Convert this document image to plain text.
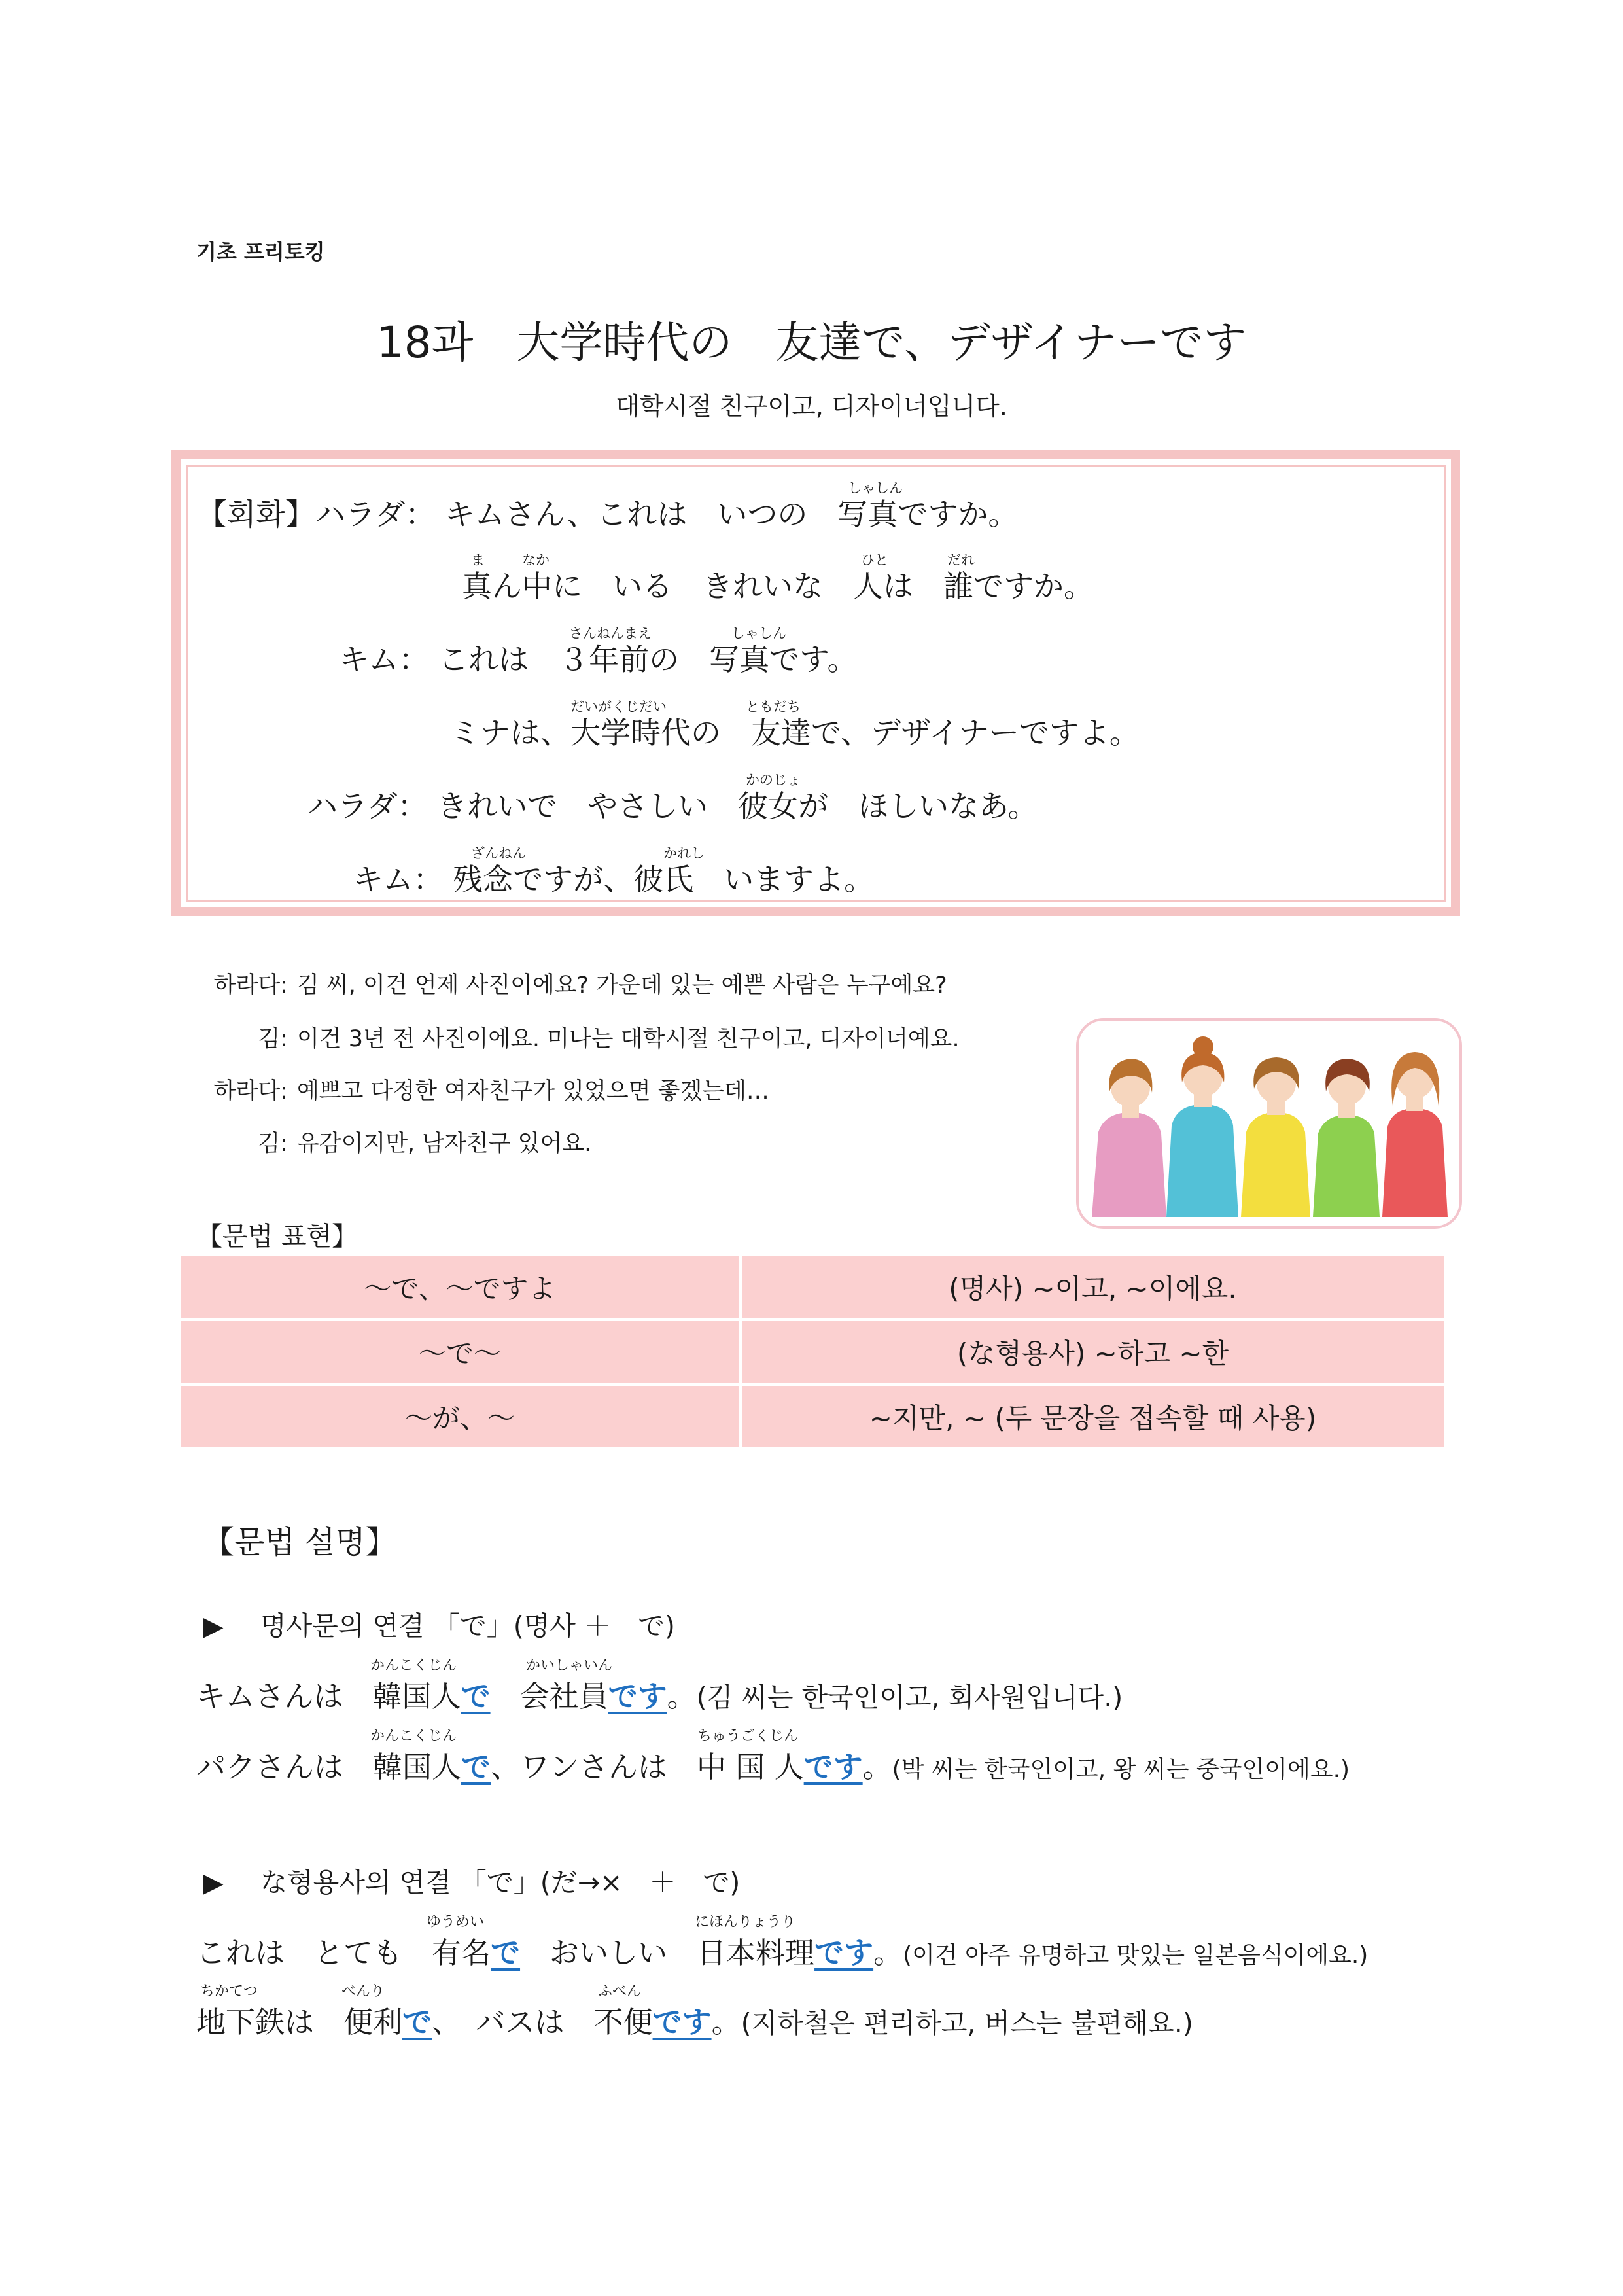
기초 프리토킹
18과　大学時代の　友達で、デザイナーです
대학시절 친구이고, 디자이너입니다.
しゃしん
【회화】ハラダ： キムさん、これは　いつの　写真ですか。
ま	なか	ひと	だれ
真ん中に　いる　きれいな　人は　誰ですか。
さんねんまえ	しゃしん
キム： これは　３年前の　写真です。
だいがくじだい	ともだち
ミナは、大学時代の　友達で、デザイナーですよ。
かのじょ
ハラダ： きれいで　やさしい　彼女が　ほしいなあ。
ざんねん	かれし
キム： 残念ですが、彼氏　いますよ。
하라다: 김 씨, 이건 언제 사진이에요? 가운데 있는 예쁜 사람은 누구예요?
김: 이건 3년 전 사진이에요. 미나는 대학시절 친구이고, 디자이너예요.
하라다: 예쁘고 다정한 여자친구가 있었으면 좋겠는데…
김: 유감이지만, 남자친구 있어요.
【문법 표현】
〜で、〜ですよ	(명사) ~이고, ~이에요.
〜で〜	(な형용사) ~하고 ~한
〜が、〜	~지만, ~ (두 문장을 접속할 때 사용)
【문법 설명】
▶ 명사문의 연결 「で」(명사 ＋　で)
かんこくじん	かいしゃいん
キムさんは　韓国人で　会社員です。(김 씨는 한국인이고, 회사원입니다.)
かんこくじん	ちゅうごくじん
パクさんは　韓国人で、ワンさんは　中 国 人です。(박 씨는 한국인이고, 왕 씨는 중국인이에요.)
▶ な형용사의 연결 「で」(だ→×　＋　で)
ゆうめい	にほんりょうり
これは　とても　有名で　おいしい　日本料理です。(이건 아주 유명하고 맛있는 일본음식이에요.)
ちかてつ	べんり	ふべん
地下鉄は　便利で、　バスは　不便です。(지하철은 편리하고, 버스는 불편해요.)
